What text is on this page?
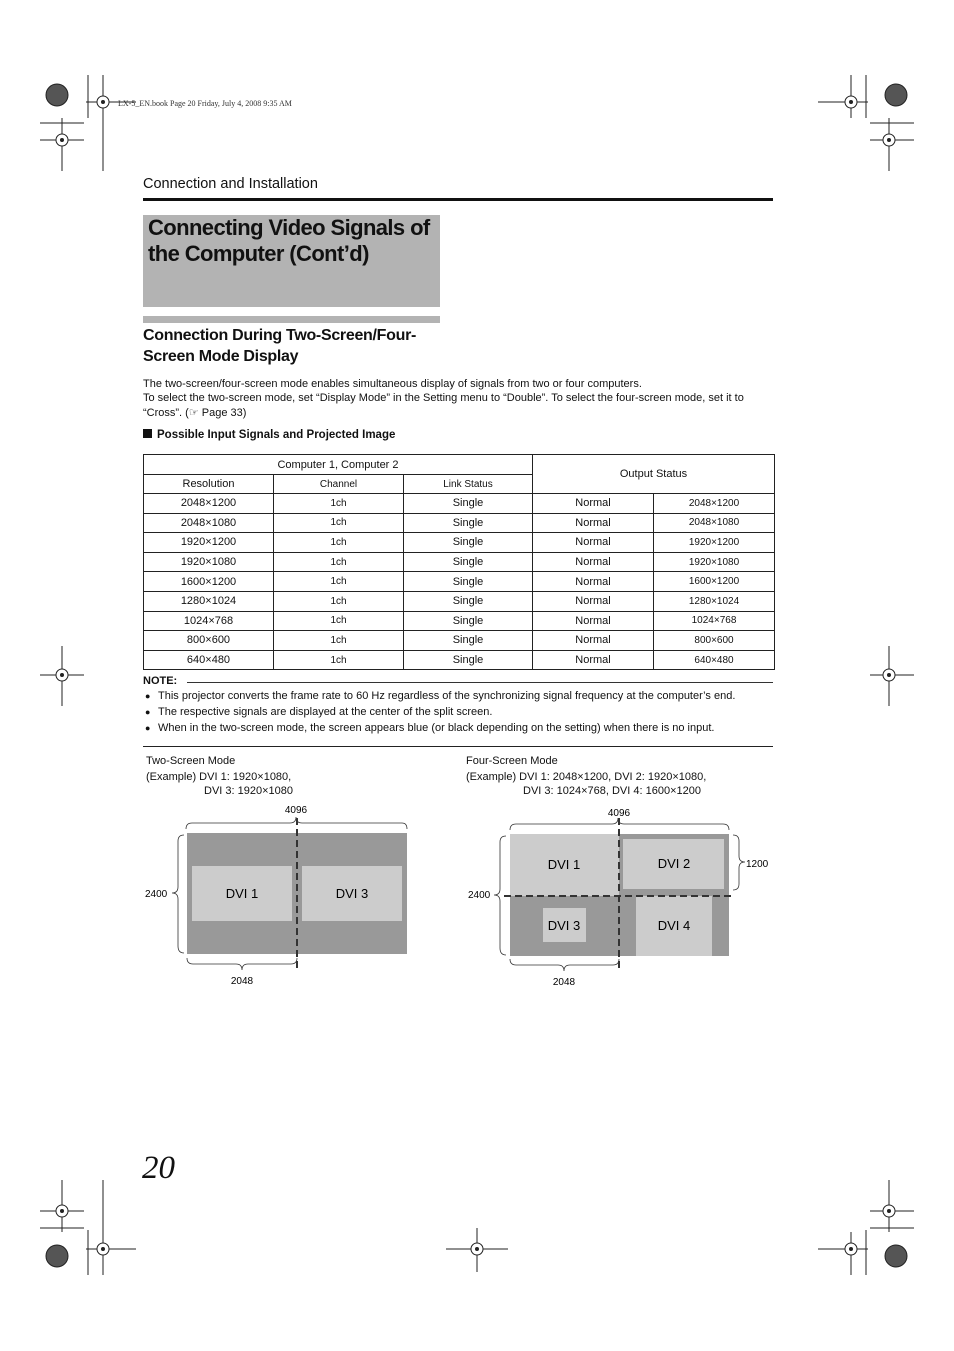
LX-5_EN.book Page 20 Friday, July 4, 2008 9:35 AM
Connection and Installation
Connecting Video Signals of
the Computer (Cont’d)
Connection During Two-Screen/Four-
Screen Mode Display

The two-screen/four-screen mode enables simultaneous display of signals from two or four computers.

To select the two-screen mode, set “Display Mode” in the Setting menu to “Double”. To select the four-screen mode, set it to “Cross”. (☞ Page 33)

Possible Input Signals and Projected Image
Computer 1, Computer 2			Output Status	
Resolution	Channel	Link Status		
2048×1200	1ch	Single	Normal	2048×1200
2048×1080	1ch	Single	Normal	2048×1080
1920×1200	1ch	Single	Normal	1920×1200
1920×1080	1ch	Single	Normal	1920×1080
1600×1200	1ch	Single	Normal	1600×1200
1280×1024	1ch	Single	Normal	1280×1024
1024×768	1ch	Single	Normal	1024×768
800×600	1ch	Single	Normal	800×600
640×480	1ch	Single	Normal	640×480
NOTE:
● This projector converts the frame rate to 60 Hz regardless of the synchronizing signal frequency at the computer’s end.
● The respective signals are displayed at the center of the split screen.
● When in the two-screen mode, the screen appears blue (or black depending on the setting) when there is no input.
Two-Screen Mode
(Example) DVI 1: 1920×1080,
DVI 3: 1920×1080
Four-Screen Mode
(Example) DVI 1: 2048×1200, DVI 2: 1920×1080,
DVI 3: 1024×768, DVI 4: 1600×1200
4096
DVI 1	DVI 3
2400
2048
4096
DVI 1	DVI 2
DVI 3	DVI 4
2400
1200
2048
20
